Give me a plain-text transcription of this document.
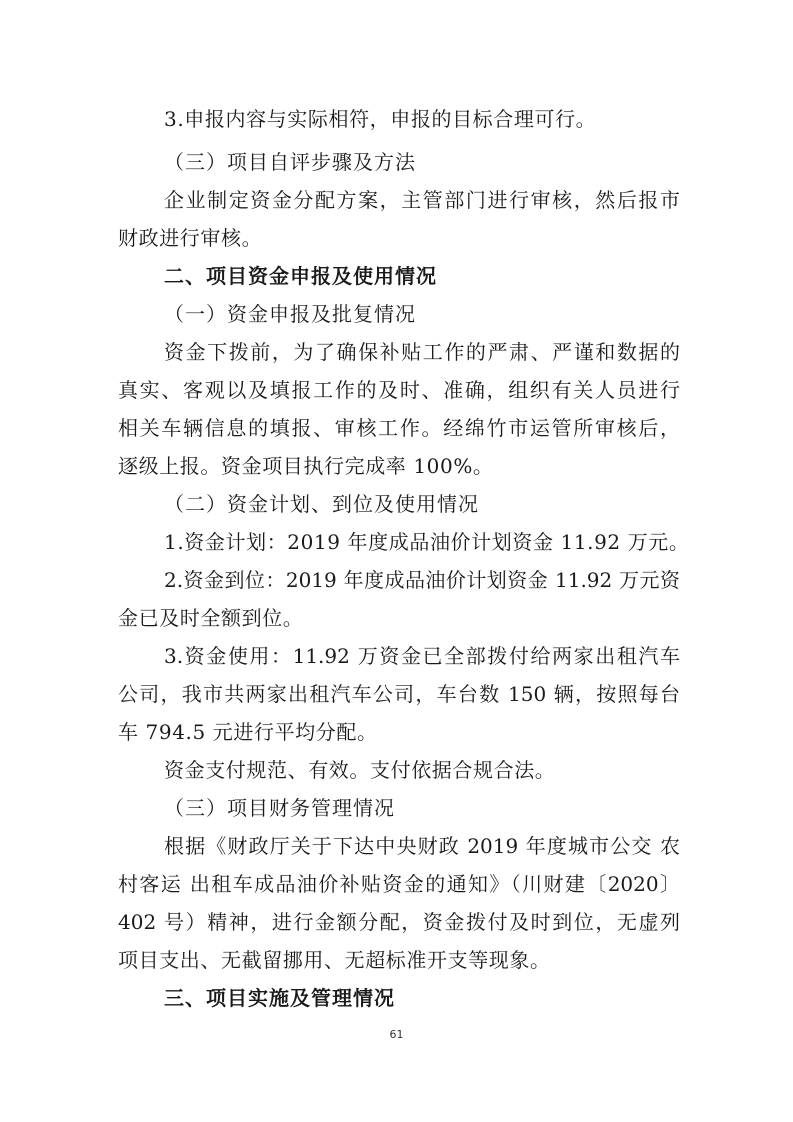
3.申报内容与实际相符，申报的目标合理可行。
（三）项目自评步骤及方法
企业制定资金分配方案，主管部门进行审核，然后报市
财政进行审核。
二、项目资金申报及使用情况
（一）资金申报及批复情况
资金下拨前，为了确保补贴工作的严肃、严谨和数据的
真实、客观以及填报工作的及时、准确，组织有关人员进行
相关车辆信息的填报、审核工作。经绵竹市运管所审核后，
逐级上报。资金项目执行完成率 100%。
（二）资金计划、到位及使用情况
1.资金计划：2019 年度成品油价计划资金 11.92 万元。
2.资金到位：2019 年度成品油价计划资金 11.92 万元资
金已及时全额到位。
3.资金使用：11.92 万资金已全部拨付给两家出租汽车
公司，我市共两家出租汽车公司，车台数 150 辆，按照每台
车 794.5 元进行平均分配。
资金支付规范、有效。支付依据合规合法。
（三）项目财务管理情况
根据《财政厅关于下达中央财政 2019 年度城市公交 农
村客运 出租车成品油价补贴资金的通知》（川财建〔2020〕
402 号）精神，进行金额分配，资金拨付及时到位，无虚列
项目支出、无截留挪用、无超标准开支等现象。
三、项目实施及管理情况
61
